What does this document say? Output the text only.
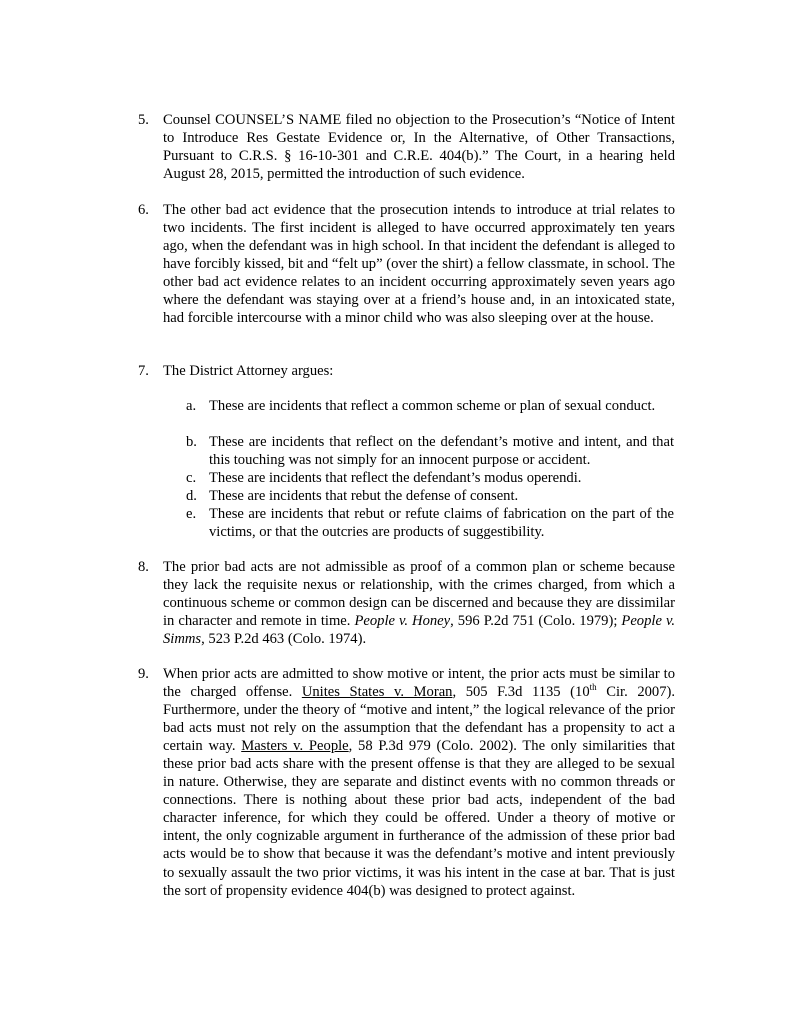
5. Counsel COUNSEL’S NAME filed no objection to the Prosecution’s “Notice of Intent to Introduce Res Gestate Evidence or, In the Alternative, of Other Transactions, Pursuant to C.R.S. § 16-10-301 and C.R.E. 404(b).” The Court, in a hearing held August 28, 2015, permitted the introduction of such evidence.
6. The other bad act evidence that the prosecution intends to introduce at trial relates to two incidents. The first incident is alleged to have occurred approximately ten years ago, when the defendant was in high school. In that incident the defendant is alleged to have forcibly kissed, bit and “felt up” (over the shirt) a fellow classmate, in school. The other bad act evidence relates to an incident occurring approximately seven years ago where the defendant was staying over at a friend’s house and, in an intoxicated state, had forcible intercourse with a minor child who was also sleeping over at the house.
7. The District Attorney argues:
a. These are incidents that reflect a common scheme or plan of sexual conduct.
b. These are incidents that reflect on the defendant’s motive and intent, and that this touching was not simply for an innocent purpose or accident.
c. These are incidents that reflect the defendant’s modus operendi.
d. These are incidents that rebut the defense of consent.
e. These are incidents that rebut or refute claims of fabrication on the part of the victims, or that the outcries are products of suggestibility.
8. The prior bad acts are not admissible as proof of a common plan or scheme because they lack the requisite nexus or relationship, with the crimes charged, from which a continuous scheme or common design can be discerned and because they are dissimilar in character and remote in time. People v. Honey, 596 P.2d 751 (Colo. 1979); People v. Simms, 523 P.2d 463 (Colo. 1974).
9. When prior acts are admitted to show motive or intent, the prior acts must be similar to the charged offense. Unites States v. Moran, 505 F.3d 1135 (10th Cir. 2007). Furthermore, under the theory of “motive and intent,” the logical relevance of the prior bad acts must not rely on the assumption that the defendant has a propensity to act a certain way. Masters v. People, 58 P.3d 979 (Colo. 2002). The only similarities that these prior bad acts share with the present offense is that they are alleged to be sexual in nature. Otherwise, they are separate and distinct events with no common threads or connections. There is nothing about these prior bad acts, independent of the bad character inference, for which they could be offered. Under a theory of motive or intent, the only cognizable argument in furtherance of the admission of these prior bad acts would be to show that because it was the defendant’s motive and intent previously to sexually assault the two prior victims, it was his intent in the case at bar. That is just the sort of propensity evidence 404(b) was designed to protect against.
